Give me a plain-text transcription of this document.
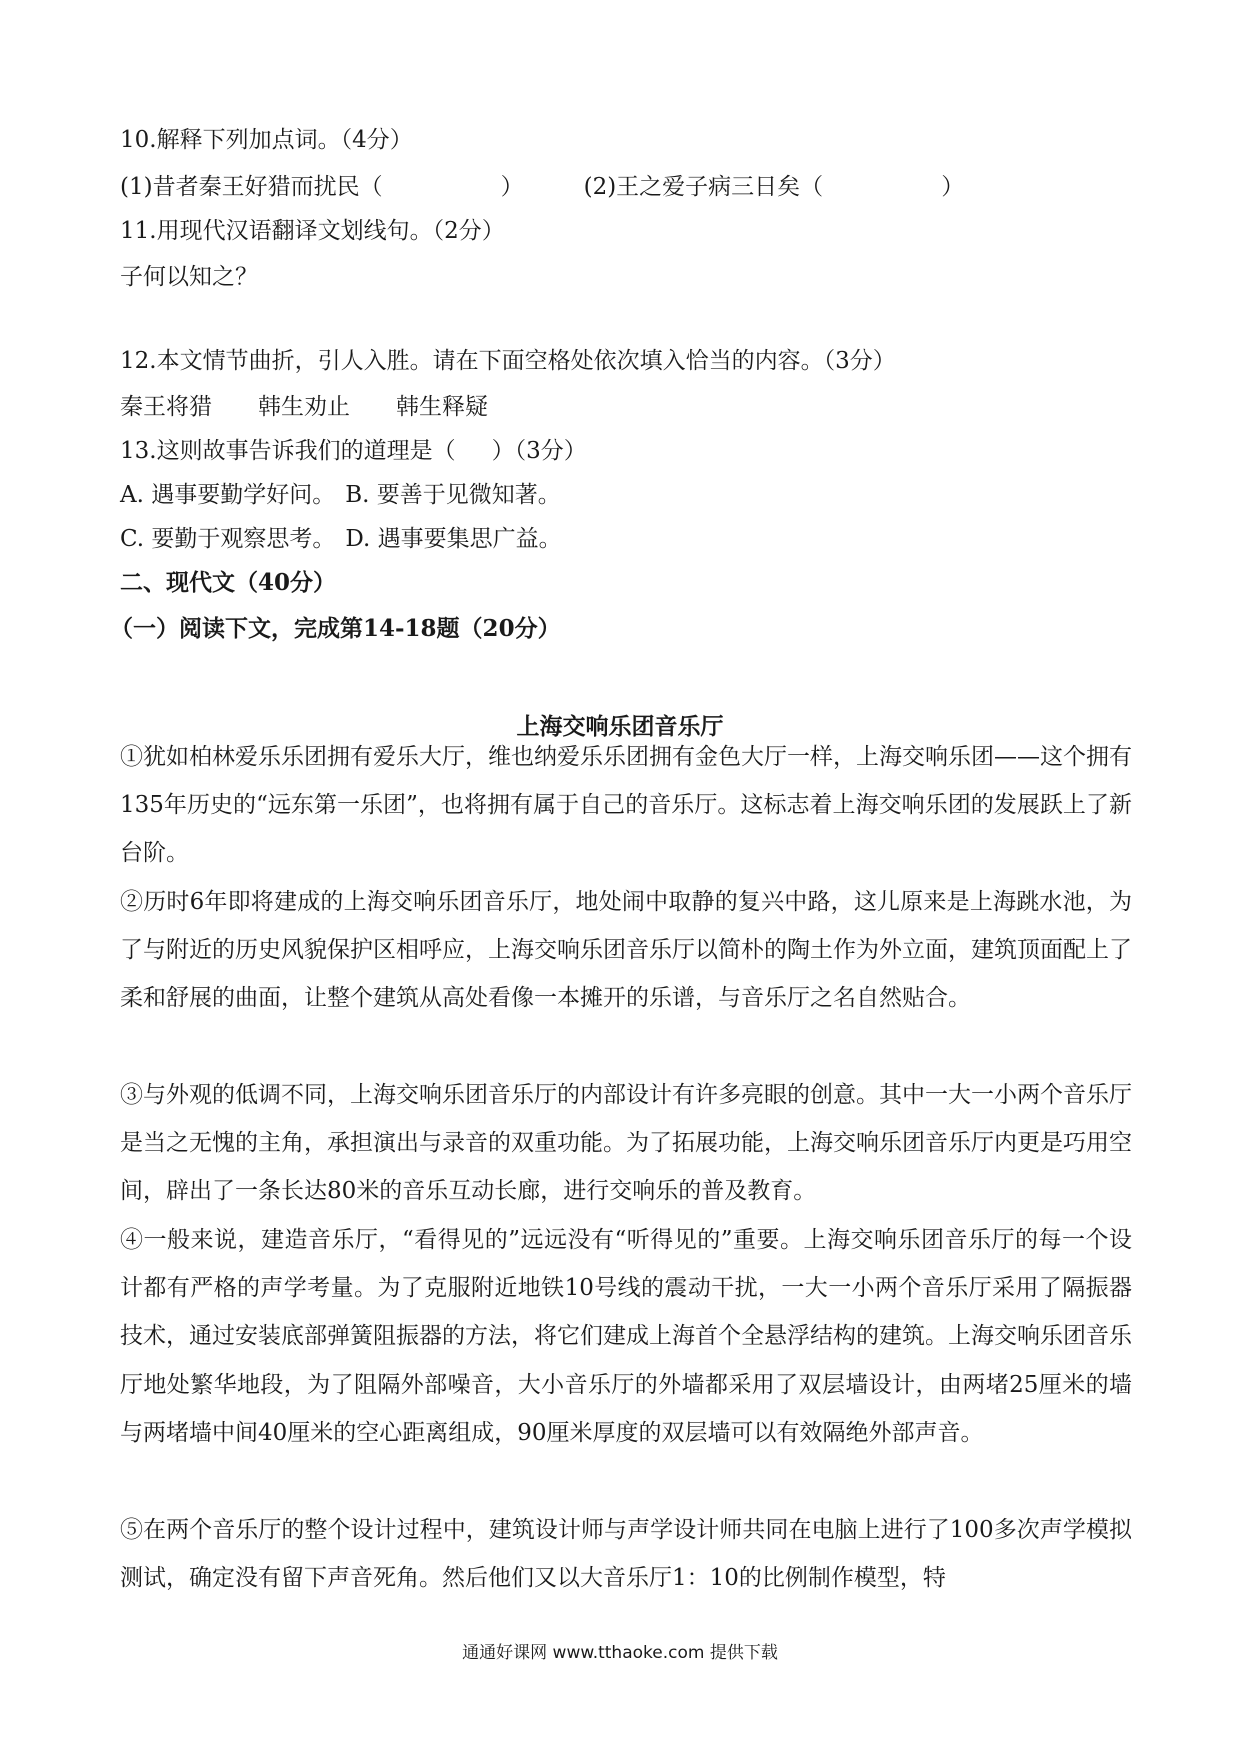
10.解释下列加点词。（4分）
(1)昔者秦王好猎而扰民（	）	(2)王之爱子病三日矣（	）
11.用现代汉语翻译文划线句。（2分）
子何以知之？
12.本文情节曲折，引人入胜。请在下面空格处依次填入恰当的内容。（3分）
秦王将猎 韩生劝止 韩生释疑
13.这则故事告诉我们的道理是（ ）（3分）
A. 遇事要勤学好问。 B. 要善于见微知著。
C. 要勤于观察思考。 D. 遇事要集思广益。
二、现代文（40分）
（一）阅读下文，完成第14-18题（20分）
上海交响乐团音乐厅
①犹如柏林爱乐乐团拥有爱乐大厅，维也纳爱乐乐团拥有金色大厅一样，上海交响乐团——这个拥有135年历史的“远东第一乐团”，也将拥有属于自己的音乐厅。这标志着上海交响乐团的发展跃上了新台阶。
②历时6年即将建成的上海交响乐团音乐厅，地处闹中取静的复兴中路，这儿原来是上海跳水池，为了与附近的历史风貌保护区相呼应，上海交响乐团音乐厅以简朴的陶土作为外立面，建筑顶面配上了柔和舒展的曲面，让整个建筑从高处看像一本摊开的乐谱，与音乐厅之名自然贴合。
③与外观的低调不同，上海交响乐团音乐厅的内部设计有许多亮眼的创意。其中一大一小两个音乐厅是当之无愧的主角，承担演出与录音的双重功能。为了拓展功能，上海交响乐团音乐厅内更是巧用空间，辟出了一条长达80米的音乐互动长廊，进行交响乐的普及教育。
④一般来说，建造音乐厅，“看得见的”远远没有“听得见的”重要。上海交响乐团音乐厅的每一个设计都有严格的声学考量。为了克服附近地铁10号线的震动干扰，一大一小两个音乐厅采用了隔振器技术，通过安装底部弹簧阻振器的方法，将它们建成上海首个全悬浮结构的建筑。上海交响乐团音乐厅地处繁华地段，为了阻隔外部噪音，大小音乐厅的外墙都采用了双层墙设计，由两堵25厘米的墙与两堵墙中间40厘米的空心距离组成，90厘米厚度的双层墙可以有效隔绝外部声音。
⑤在两个音乐厅的整个设计过程中，建筑设计师与声学设计师共同在电脑上进行了100多次声学模拟测试，确定没有留下声音死角。然后他们又以大音乐厅1：10的比例制作模型，特
通通好课网 www.tthaoke.com 提供下载
